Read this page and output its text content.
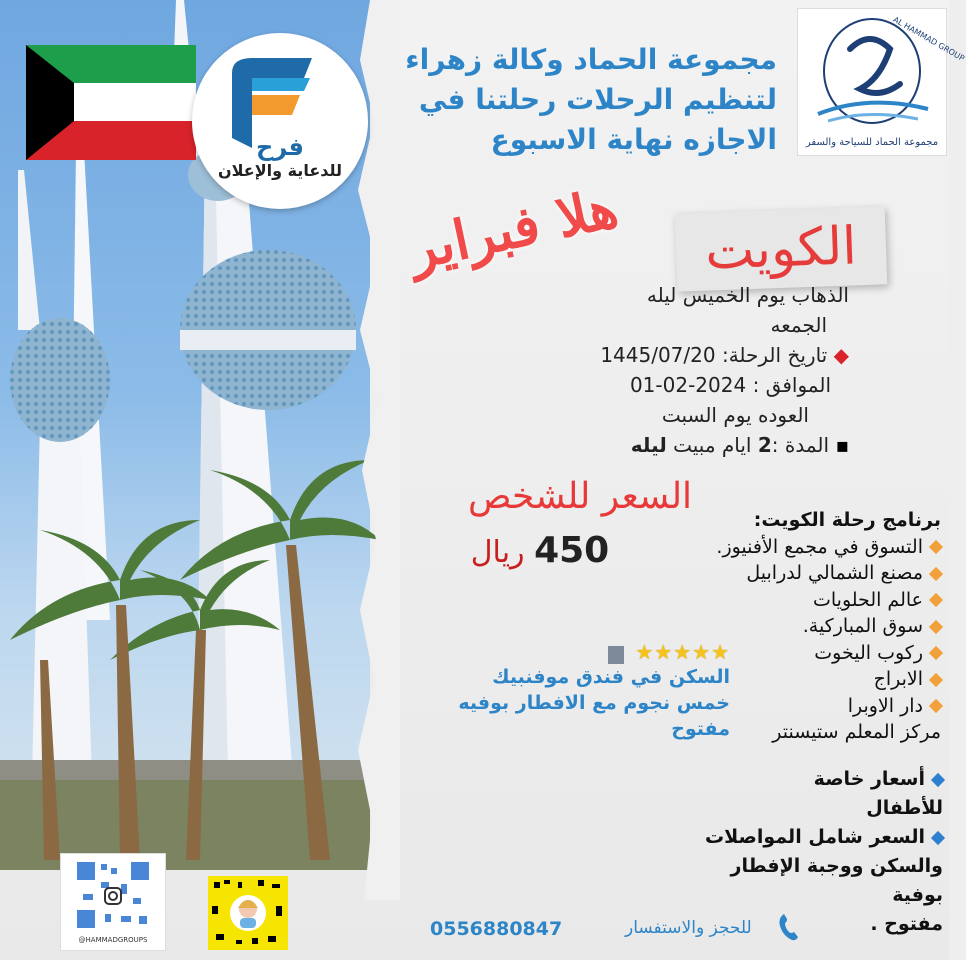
فرح
للدعاية والإعلان
AL HAMMAD GROUP
مجموعة الحماد للسياحة والسفر
مجموعة الحماد وكالة زهراء
لتنظيم الرحلات رحلتنا في
الاجازه نهاية الاسبوع
هلا فبراير	الكويت
الذهاب يوم الخميس ليله
الجمعه
◆ تاريخ الرحلة: 1445/07/20
الموافق : 2024-02-01
العوده يوم السبت
▪ المدة :2 ايام مبيت ليله
السعر للشخص
450 ريال
برنامج رحلة الكويت:
التسوق في مجمع الأفنيوز.
مصنع الشمالي لدرابيل
عالم الحلويات
سوق المباركية.
ركوب اليخوت
الابراج
دار الاوبرا
مركز المعلم ستيسنتر
★★★★★
السكن في فندق موفنبيك
خمس نجوم مع الافطار بوفيه
مفتوح
أسعار خاصة
للأطفال
السعر شامل المواصلات
والسكن ووجبة الإفطار بوفية
مفتوح .
@HAMMADGROUPS	0556880847	للحجز والاستفسار
